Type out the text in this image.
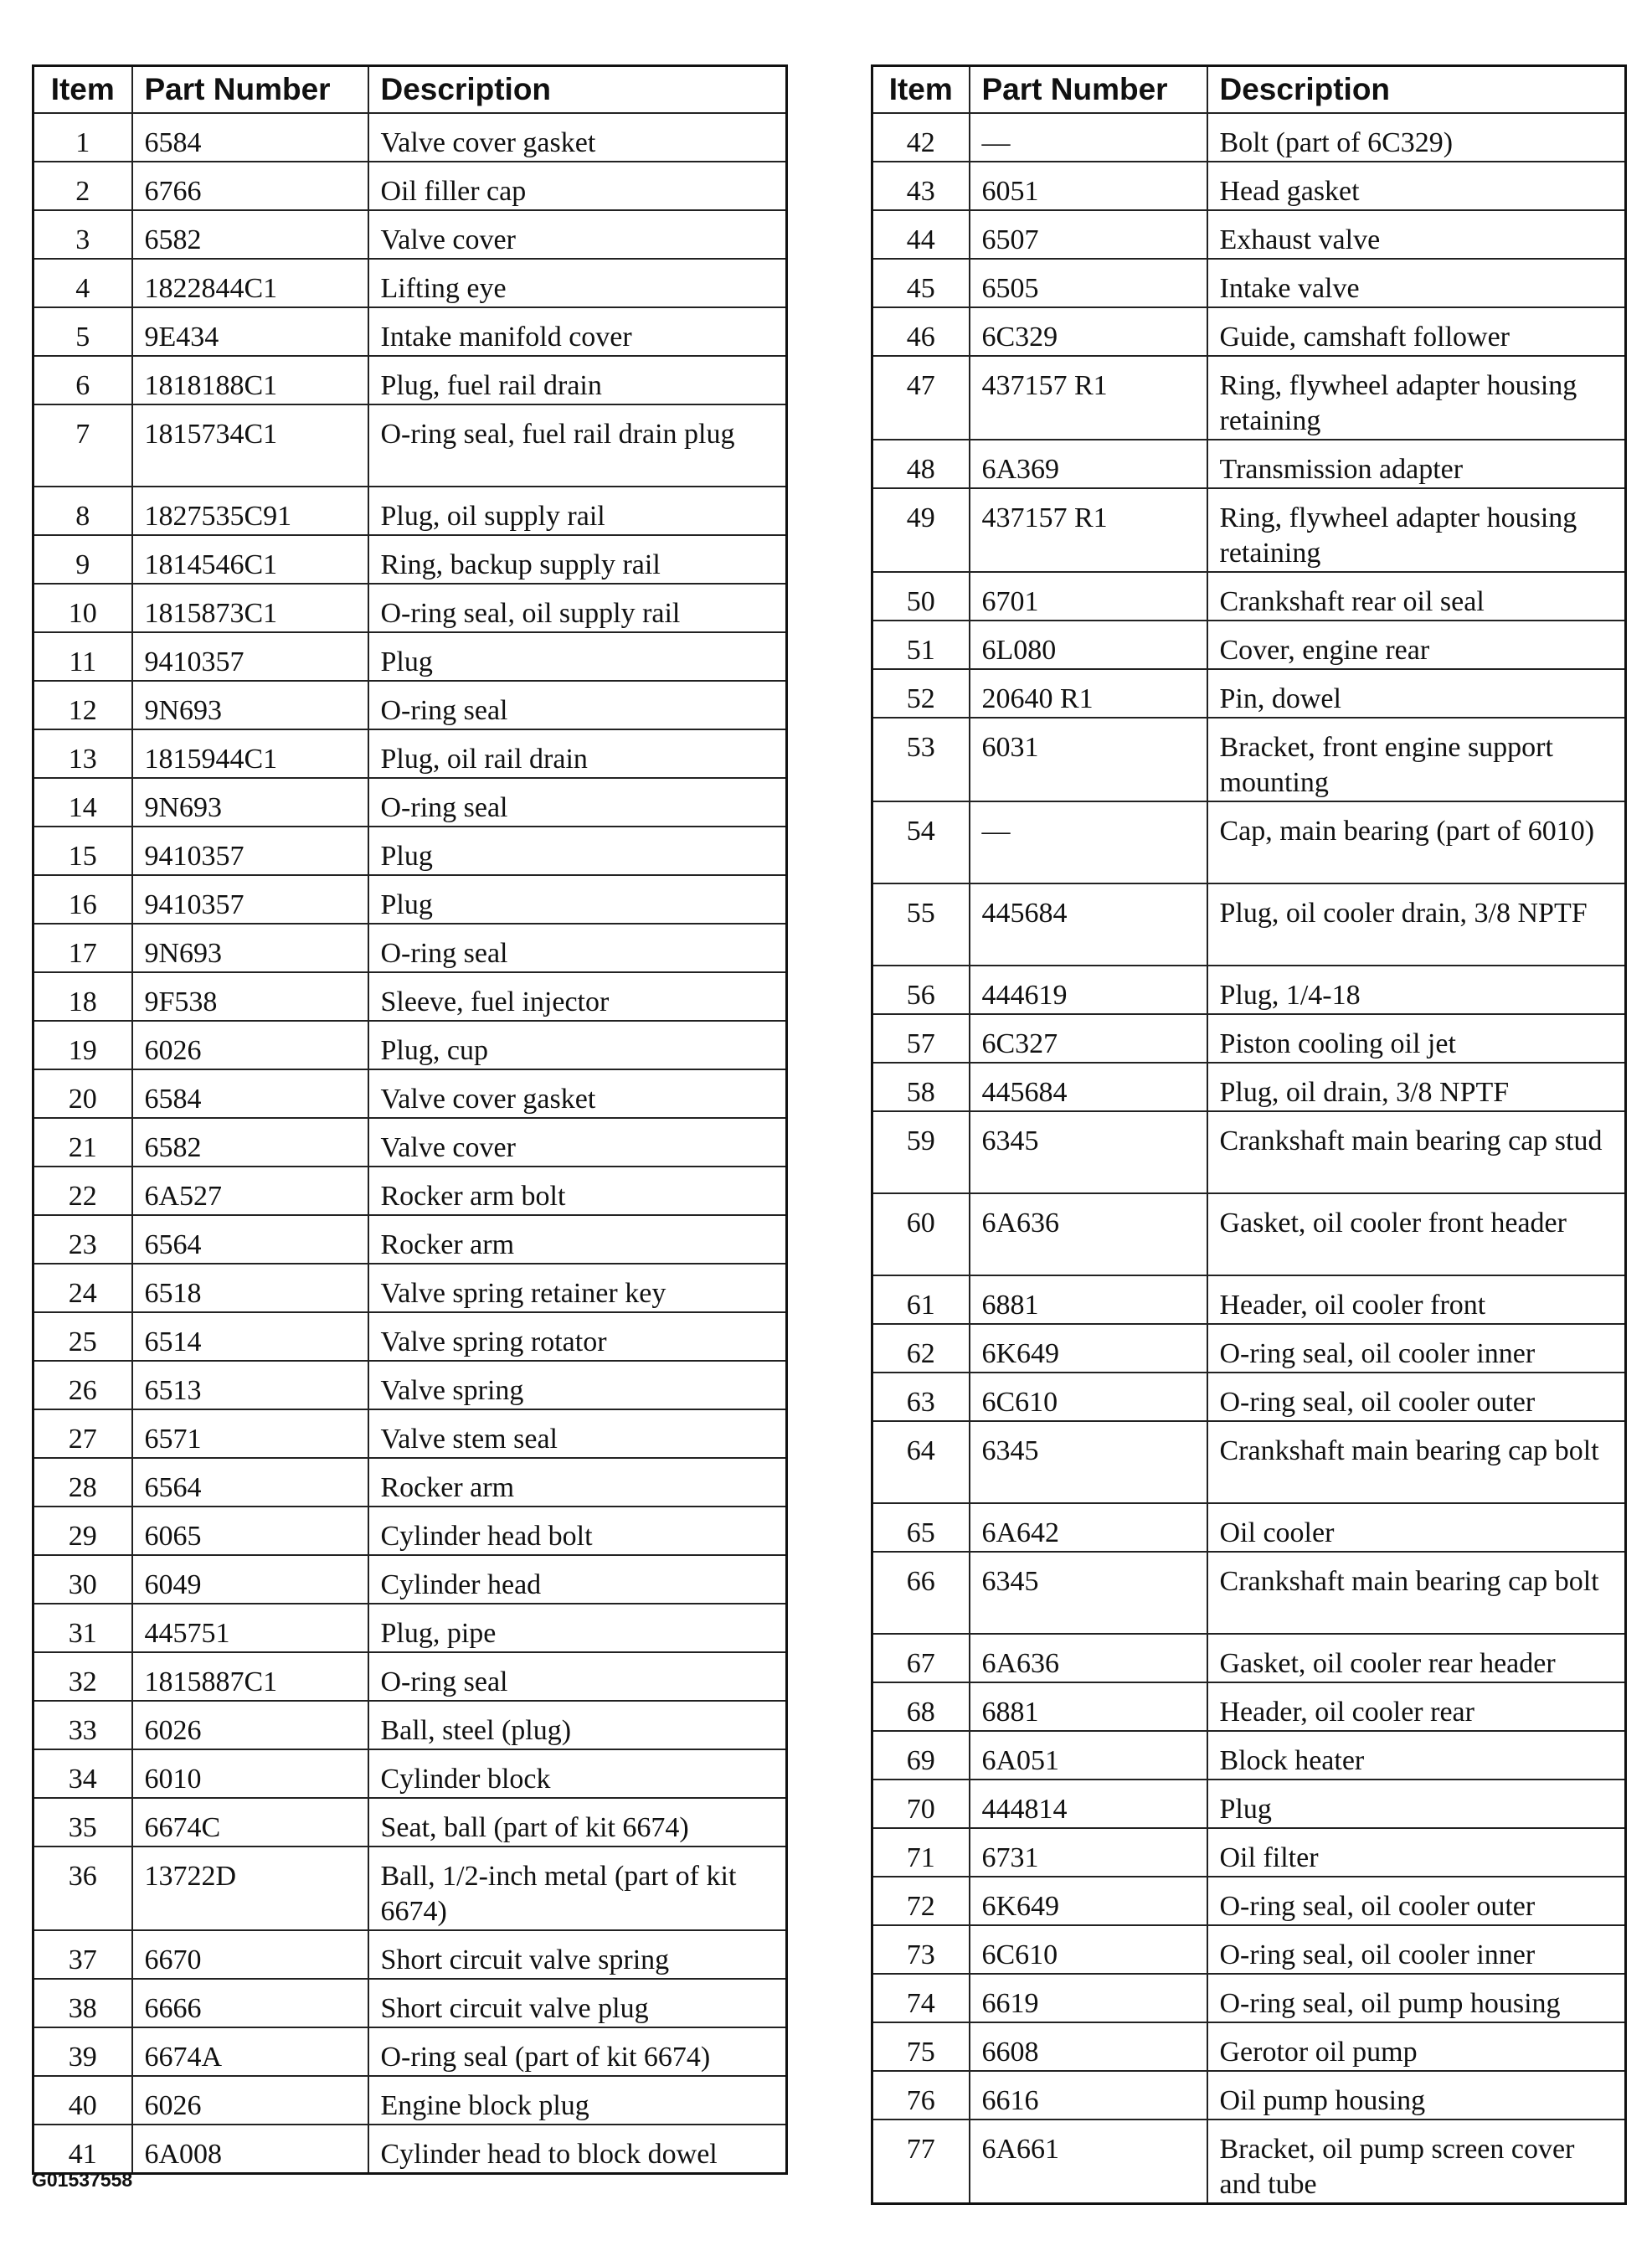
Item	Part Number	Description
1	6584	Valve cover gasket
2	6766	Oil filler cap
3	6582	Valve cover
4	1822844C1	Lifting eye
5	9E434	Intake manifold cover
6	1818188C1	Plug, fuel rail drain
7	1815734C1	O-ring seal, fuel rail drain plug
8	1827535C91	Plug, oil supply rail
9	1814546C1	Ring, backup supply rail
10	1815873C1	O-ring seal, oil supply rail
11	9410357	Plug
12	9N693	O-ring seal
13	1815944C1	Plug, oil rail drain
14	9N693	O-ring seal
15	9410357	Plug
16	9410357	Plug
17	9N693	O-ring seal
18	9F538	Sleeve, fuel injector
19	6026	Plug, cup
20	6584	Valve cover gasket
21	6582	Valve cover
22	6A527	Rocker arm bolt
23	6564	Rocker arm
24	6518	Valve spring retainer key
25	6514	Valve spring rotator
26	6513	Valve spring
27	6571	Valve stem seal
28	6564	Rocker arm
29	6065	Cylinder head bolt
30	6049	Cylinder head
31	445751	Plug, pipe
32	1815887C1	O-ring seal
33	6026	Ball, steel (plug)
34	6010	Cylinder block
35	6674C	Seat, ball (part of kit 6674)
36	13722D	Ball, 1/2-inch metal (part of kit 6674)
37	6670	Short circuit valve spring
38	6666	Short circuit valve plug
39	6674A	O-ring seal (part of kit 6674)
40	6026	Engine block plug
41	6A008	Cylinder head to block dowel
Item	Part Number	Description
42	—	Bolt (part of 6C329)
43	6051	Head gasket
44	6507	Exhaust valve
45	6505	Intake valve
46	6C329	Guide, camshaft follower
47	437157 R1	Ring, flywheel adapter housing retaining
48	6A369	Transmission adapter
49	437157 R1	Ring, flywheel adapter housing retaining
50	6701	Crankshaft rear oil seal
51	6L080	Cover, engine rear
52	20640 R1	Pin, dowel
53	6031	Bracket, front engine support mounting
54	—	Cap, main bearing (part of 6010)
55	445684	Plug, oil cooler drain, 3/8 NPTF
56	444619	Plug, 1/4-18
57	6C327	Piston cooling oil jet
58	445684	Plug, oil drain, 3/8 NPTF
59	6345	Crankshaft main bearing cap stud
60	6A636	Gasket, oil cooler front header
61	6881	Header, oil cooler front
62	6K649	O-ring seal, oil cooler inner
63	6C610	O-ring seal, oil cooler outer
64	6345	Crankshaft main bearing cap bolt
65	6A642	Oil cooler
66	6345	Crankshaft main bearing cap bolt
67	6A636	Gasket, oil cooler rear header
68	6881	Header, oil cooler rear
69	6A051	Block heater
70	444814	Plug
71	6731	Oil filter
72	6K649	O-ring seal, oil cooler outer
73	6C610	O-ring seal, oil cooler inner
74	6619	O-ring seal, oil pump housing
75	6608	Gerotor oil pump
76	6616	Oil pump housing
77	6A661	Bracket, oil pump screen cover and tube
G01537558
